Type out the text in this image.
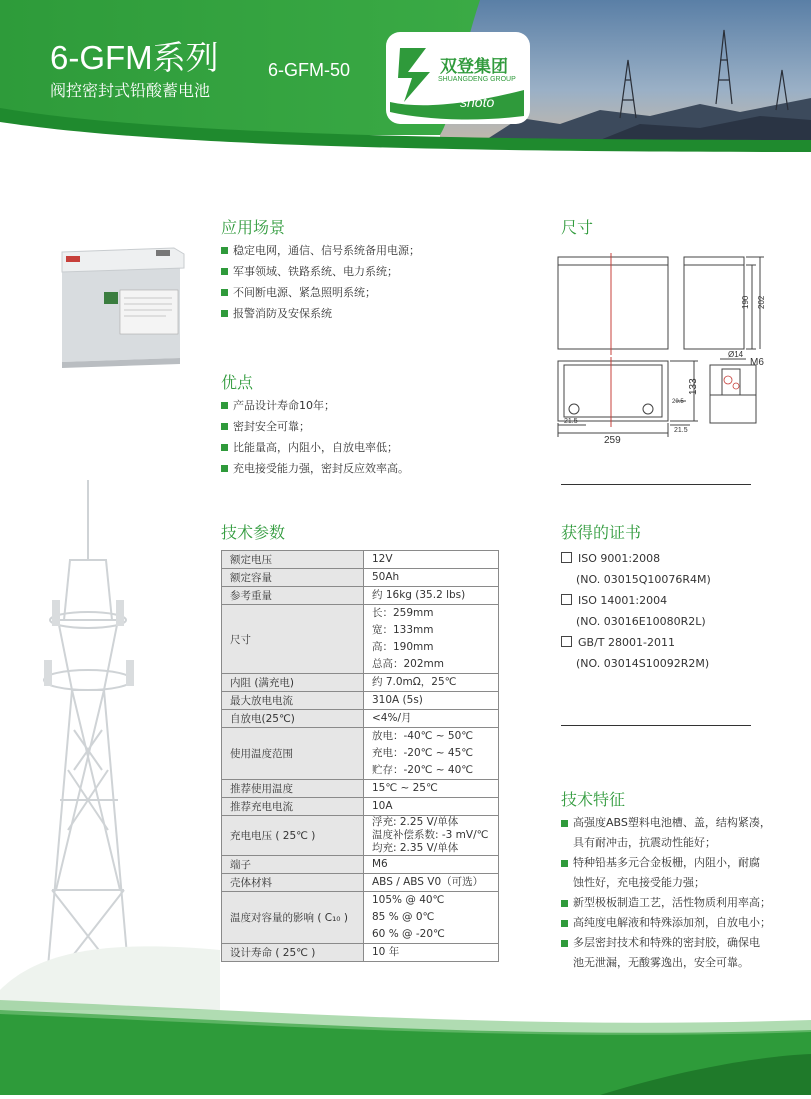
6-GFM系列
阀控密封式铅酸蓄电池
6-GFM-50	双登集团
SHUANGDENG GROUP
shoto
应用场景
稳定电网，通信、信号系统备用电源；
军事领域、铁路系统、电力系统；
不间断电源、紧急照明系统；
报警消防及安保系统
优点
产品设计寿命10年；
密封安全可靠；
比能量高，内阻小，自放电率低；
充电接受能力强，密封反应效率高。
技术参数
额定电压	12V

额定容量	50Ah

参考重量	约 16kg (35.2 lbs)

尺寸	长：259mm
宽：133mm
高：190mm
总高：202mm

内阻 (满充电)	约 7.0mΩ，25℃

最大放电电流	310A (5s)

自放电(25℃)	<4%/月

使用温度范围	放电：-40℃ ~ 50℃
充电：-20℃ ~ 45℃
贮存：-20℃ ~ 40℃

推荐使用温度	15℃ ~ 25℃

推荐充电电流	10A

充电电压 ( 25℃ )	浮充: 2.25 V/单体
温度补偿系数: -3 mV/℃
均充: 2.35 V/单体

端子	M6

壳体材料	ABS / ABS V0（可选）

温度对容量的影响 ( C₁₀ )	105% @ 40℃
85 % @ 0℃
60 % @ -20℃

设计寿命 ( 25℃ )	10 年
尺寸
190 202
Ø14
M6
133
20.5
21.5
259
21.5
获得的证书
ISO 9001:2008
(NO. 03015Q10076R4M)
ISO 14001:2004
(NO. 03016E10080R2L)
GB/T 28001-2011
(NO. 03014S10092R2M)
技术特征
高强度ABS塑料电池槽、盖，结构紧凑，
具有耐冲击，抗震动性能好；
特种铅基多元合金板栅，内阻小，耐腐
蚀性好，充电接受能力强；
新型极板制造工艺，活性物质利用率高；
高纯度电解液和特殊添加剂，自放电小；
多层密封技术和特殊的密封胶，确保电
池无泄漏，无酸雾逸出，安全可靠。
